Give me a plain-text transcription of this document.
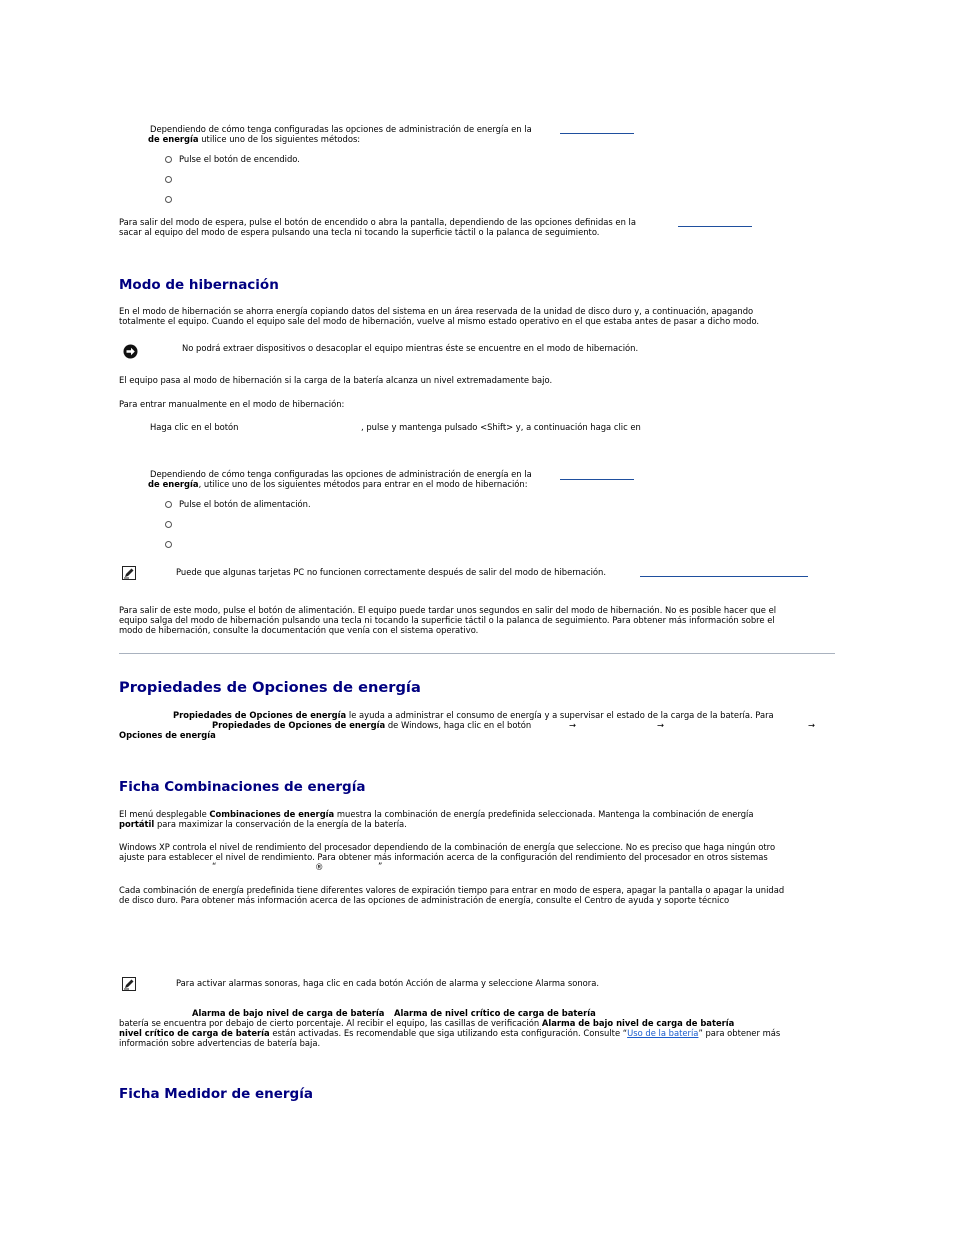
Dependiendo de cómo tenga configuradas las opciones de administración de energía en la
de energía utilice uno de los siguientes métodos:
Pulse el botón de encendido.
Para salir del modo de espera, pulse el botón de encendido o abra la pantalla, dependiendo de las opciones definidas en la
sacar al equipo del modo de espera pulsando una tecla ni tocando la superficie táctil o la palanca de seguimiento.
Modo de hibernación
En el modo de hibernación se ahorra energía copiando datos del sistema en un área reservada de la unidad de disco duro y, a continuación, apagando
totalmente el equipo. Cuando el equipo sale del modo de hibernación, vuelve al mismo estado operativo en el que estaba antes de pasar a dicho modo.
No podrá extraer dispositivos o desacoplar el equipo mientras éste se encuentre en el modo de hibernación.
El equipo pasa al modo de hibernación si la carga de la batería alcanza un nivel extremadamente bajo.
Para entrar manualmente en el modo de hibernación:
Haga clic en el botón	, pulse y mantenga pulsado <Shift> y, a continuación haga clic en
Dependiendo de cómo tenga configuradas las opciones de administración de energía en la
de energía, utilice uno de los siguientes métodos para entrar en el modo de hibernación:
Pulse el botón de alimentación.
Puede que algunas tarjetas PC no funcionen correctamente después de salir del modo de hibernación.
Para salir de este modo, pulse el botón de alimentación. El equipo puede tardar unos segundos en salir del modo de hibernación. No es posible hacer que el
equipo salga del modo de hibernación pulsando una tecla ni tocando la superficie táctil o la palanca de seguimiento. Para obtener más información sobre el
modo de hibernación, consulte la documentación que venía con el sistema operativo.
Propiedades de Opciones de energía
Propiedades de Opciones de energía le ayuda a administrar el consumo de energía y a supervisar el estado de la carga de la batería. Para
Propiedades de Opciones de energía de Windows, haga clic en el botón	→	→	→
Opciones de energía
Ficha Combinaciones de energía
El menú desplegable Combinaciones de energía muestra la combinación de energía predefinida seleccionada. Mantenga la combinación de energía
portátil para maximizar la conservación de la energía de la batería.
Windows XP controla el nivel de rendimiento del procesador dependiendo de la combinación de energía que seleccione. No es preciso que haga ningún otro
ajuste para establecer el nivel de rendimiento. Para obtener más información acerca de la configuración del rendimiento del procesador en otros sistemas
“	®	”
Cada combinación de energía predefinida tiene diferentes valores de expiración tiempo para entrar en modo de espera, apagar la pantalla o apagar la unidad
de disco duro. Para obtener más información acerca de las opciones de administración de energía, consulte el Centro de ayuda y soporte técnico
Para activar alarmas sonoras, haga clic en cada botón Acción de alarma y seleccione Alarma sonora.
Alarma de bajo nivel de carga de batería Alarma de nivel crítico de carga de batería
batería se encuentra por debajo de cierto porcentaje. Al recibir el equipo, las casillas de verificación Alarma de bajo nivel de carga de batería
nivel crítico de carga de batería están activadas. Es recomendable que siga utilizando esta configuración. Consulte “Uso de la batería” para obtener más
información sobre advertencias de batería baja.
Ficha Medidor de energía
